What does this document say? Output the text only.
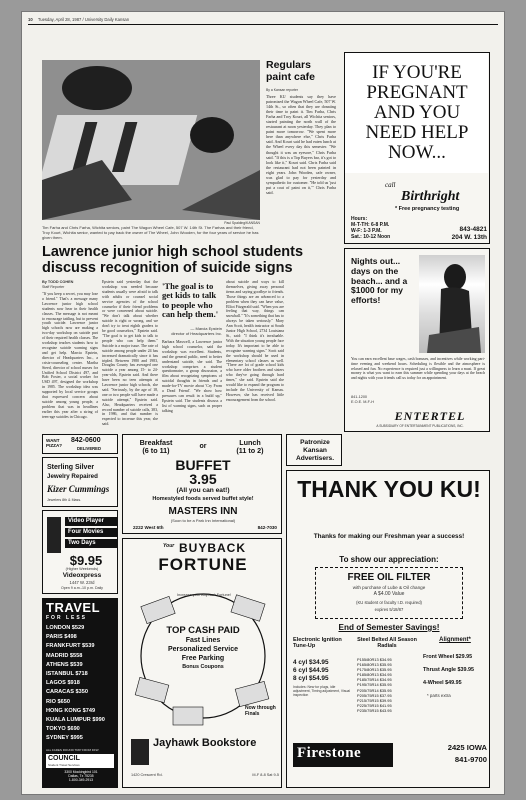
10 Tuesday, April 28, 1987 / University Daily Kansan
Paul Spalding/KANSAN
Tim Farha and Chris Farha, Wichita seniors, paint The Wagon Wheel Cafe, 507 W. 14th St. The Farhas and their friend, Troy Kourt, Wichita senior, wanted to pay back the owner of The Wheel, John Wooden, for the four years of service he has given them.
Regulars paint cafe
By a Kansan reporter
Three KU students say they have patronized the Wagon Wheel Cafe, 507 W. 14th St., so often that they are donating their time to paint it. Tim Farha, Chris Farha and Troy Kourt, all Wichita seniors, started painting the north wall of the restaurant at noon yesterday. They plan to paint more tomorrow. "We spent more here than anywhere else," Chris Farha said. And Kourt said he had eaten lunch at the Wheel every day this semester. "We thought it was an eyesore," Chris Farha said. "If this is a Top Buyers bar, it's got to look like it," Kourt said. Chris Farha said the restaurant had not been painted in eight years. John Wooden, cafe owner, was glad to pay for yesterday and sympathetic for customer. "He told us 'just put a coat of paint on it,'" Chris Farha said.
IF YOU'RE PREGNANT AND YOU NEED HELP NOW...
call
Birthright
* Free pregnancy testing
Hours:
M-T-TH: 6-8 P.M.
W-F: 1-3 P.M.
Sat.: 10-12 Noon
843-4821
204 W. 13th
Lawrence junior high school students discuss recognition of suicide signs
By TODD COHEN
Staff Reporter
"If you keep a secret, you may lose a friend." That's a message many Lawrence junior high school students now hear in their health classes. The message is not meant to encourage tattling, but to prevent youth suicide. Lawrence junior high schools now are making a two-day workshop on suicide part of their required health classes. The workshop teaches students how to recognize suicide warning signs and get help. Marcia Epstein, director of Headquarters Inc., a crisis-counseling center. Martha Steed, director of school nurses for Unified School District 497, and Bob Foster, a social worker for USD 497, designed the workshop in 1985. The workshop idea was supported by local service groups that expressed concern about suicide among young people, a problem that was in headlines earlier this year after a string of teen-age suicides in Chicago.
Epstein said yesterday that the workshop was needed because students usually were afraid to talk with adults or counsel social service agencies of the school counselor if their friend problems or were concerned about suicide. "We don't talk about whether suicide is right or wrong, and we don't try to treat eighth graders to be good counselors," Epstein said. "The goal is to get kids to talk to people who can help them." Suicide is a major issue. The rate of suicide among people under 24 has increased dramatically since it has tripled. Between 1980 and 1983, Douglas County has averaged one suicide a year among 15- to 24-year-olds, Epstein said. And there have been no teen attempts at Lawrence junior high schools, she said. "Seriously, by the age of 18, one or two people will have made a suicide attempt," Epstein said. Also, Headquarters received a record number of suicide calls, 383, in 1986, and that number is expected to increase this year, she said.
'The goal is to get kids to talk to people who can help them.'
— Marcia Epstein
director of Headquarters Inc.
Barbara Maxwell, a Lawrence junior high school counselor, said the workshop was excellent. Students, and the general public, need to better understand suicide, she said. The workshop comprises a student questionnaire, a group discussion, a film about recognizing symptoms of suicidal thoughts in friends and a made-for-TV movie about 'Cry From a Dead Friend'. "We show how pressures can result in a build up," Epstein said. The students discuss a list of warning signs, such as proper talking
about suicide and ways to kill themselves, giving away personal items and saying goodbye to friends. Those things are an advanced to a problem when they can have value, Elliot Fitzgerald said. "When you are feeling that way, things can snowball." "It's something that has to always be taken seriously." Mary Ann Scott, health instructor at South Junior High School, 2734 Louisiana St., said: "I think it's invaluable. With the situation young people face today. It's important to be able to recognize warning signs." Scott said the workshop should be used in elementary school classes as well. "There are lot of grade school kids who have older brothers and sisters who they've going through hard times," she said. Epstein said she would like to expand the program to include the University of Kansas. However, she has received little encouragement from the school.
Nights out... days on the beach... and a $1000 for my efforts!
You can earn excellent base wages, cash bonuses, and incentives while working part-time evening and weekend hours. Scheduling is flexible and the atmosphere is relaxed and fun. No experience is required just a willingness to learn a must. If great money is what you want to earn this summer while spending your days at the beach and nights with your friends call us today for an appointment.
841-1200
E.O.E. M-F-H
ENTERTEL
A SUBSIDIARY OF ENTERTAINMENT PUBLICATIONS, INC.
WANT PIZZA?
842-0600
DELIVERED
Sterling Silver
Jewelry Repaired
Kizer Cummings
Jewelers 8th & Mass.
Video Player
Four Movies
Two Days
$9.95
(Higher Weekends)
Videoxpress
1447 W. 23rd
Open 9 a.m.-10 p.m. Daily
TRAVEL
FOR LESS
LONDON $529
PARIS $498
FRANKFURT $539
MADRID $558
ATHENS $539
ISTANBUL $718
LAGOS $918
CARACAS $350
RIO $650
HONG KONG $749
KUALA LUMPUR $990
TOKYO $690
SYDNEY $995
ALL FARES ROUND TRIP FROM DFW
COUNCIL
Student Travel Services
3300 Mockingbird 101
Dallas, Tx 75235
1-800-349-2913
Breakfast
(6 to 11)	or	Lunch
(11 to 2)
BUFFET
3.95
(All you can eat!)
Homestyled foods served buffet style!
MASTERS INN
(Soon to be a Park Inn International)
2222 West 6th	842-7030
Patronize Kansan Advertisers.
Your BUYBACK
FORTUNE
Increase your Buyback Fortune!
TOP CASH PAID
Fast Lines
Personalized Service
Free Parking
Bonus Coupons
Now through Finals
Jayhawk Bookstore
1420 Crescent Rd.	M-F 8-8 Sat 9-5
THANK YOU KU!
Thanks for making our Freshman year a success!
To show our appreciation:
FREE OIL FILTER
with purchase of Lube & Oil change
A $4.00 Value
(KU student or faculty I.D. required)
expires 5/18/87
End of Semester Savings!
Electronic Ignition Tune-Up
4 cyl $34.95
6 cyl $44.95
8 cyl $54.95
Includes: New tor plugs, idle adjustment, Timing adjustment, Visual inspection
Steel Belted All Season Radials
P155/80R13 $34.95
P165/80R13 $35.95
P175/80R13 $35.95
P185/80R13 $34.95
P185/75R14 $34.95
P195/75R14 $35.95
P205/75R14 $35.95
P205/75R15 $37.95
P215/75R15 $39.95
P225/75R15 $41.95
P235/75R15 $43.95
Alignment*
Front Wheel $29.95
Thrust Angle $39.95
4-Wheel $49.95
* parts extra
Firestone	2425 IOWA
841-9700
